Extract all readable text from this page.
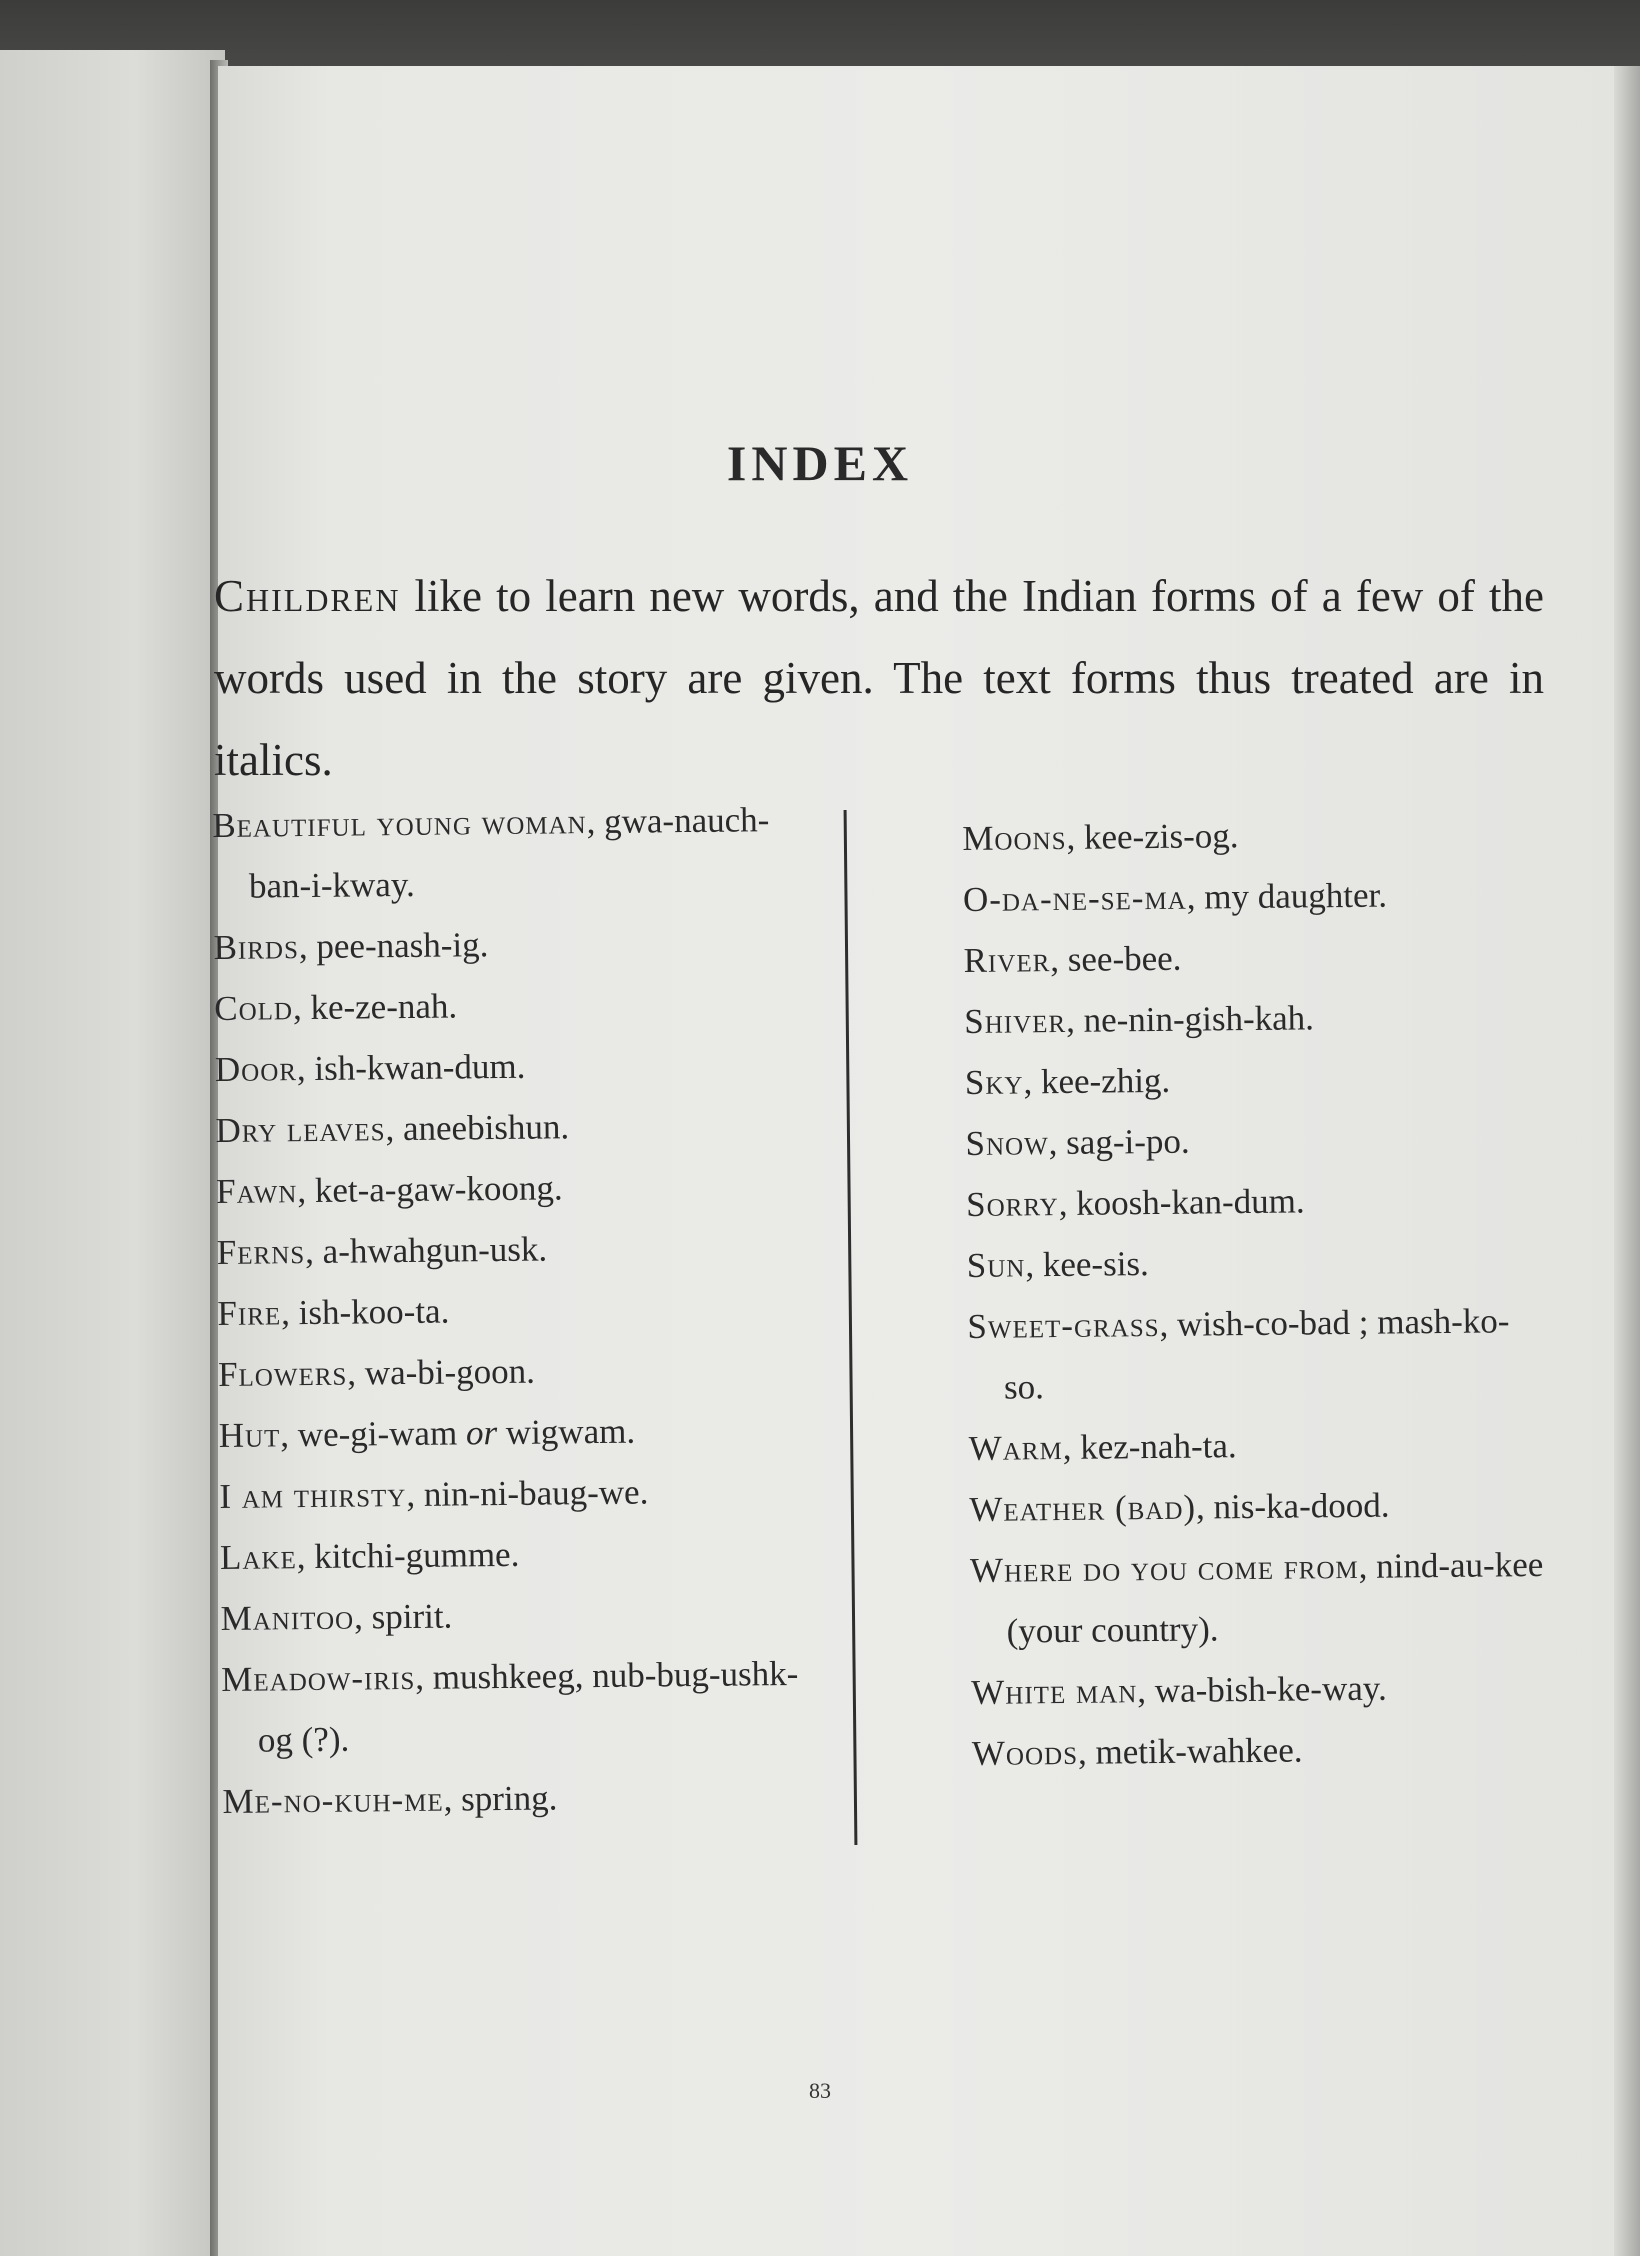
INDEX

Children like to learn new words, and the Indian forms of a few of the words used in the story are given. The text forms thus treated are in italics.

Beautiful young woman, gwa-nauch-ban-i-kway.

Birds, pee-nash-ig.

Cold, ke-ze-nah.

Door, ish-kwan-dum.

Dry leaves, aneebishun.

Fawn, ket-a-gaw-koong.

Ferns, a-hwahgun-usk.

Fire, ish-koo-ta.

Flowers, wa-bi-goon.

Hut, we-gi-wam or wigwam.

I am thirsty, nin-ni-baug-we.

Lake, kitchi-gumme.

Manitoo, spirit.

Meadow-iris, mushkeeg, nub-bug-ushk-og (?).

Me-no-kuh-me, spring.

Moons, kee-zis-og.

O-da-ne-se-ma, my daughter.

River, see-bee.

Shiver, ne-nin-gish-kah.

Sky, kee-zhig.

Snow, sag-i-po.

Sorry, koosh-kan-dum.

Sun, kee-sis.

Sweet-grass, wish-co-bad ; mash-ko-so.

Warm, kez-nah-ta.

Weather (bad), nis-ka-dood.

Where do you come from, nind-au-kee (your country).

White man, wa-bish-ke-way.

Woods, metik-wahkee.

83
